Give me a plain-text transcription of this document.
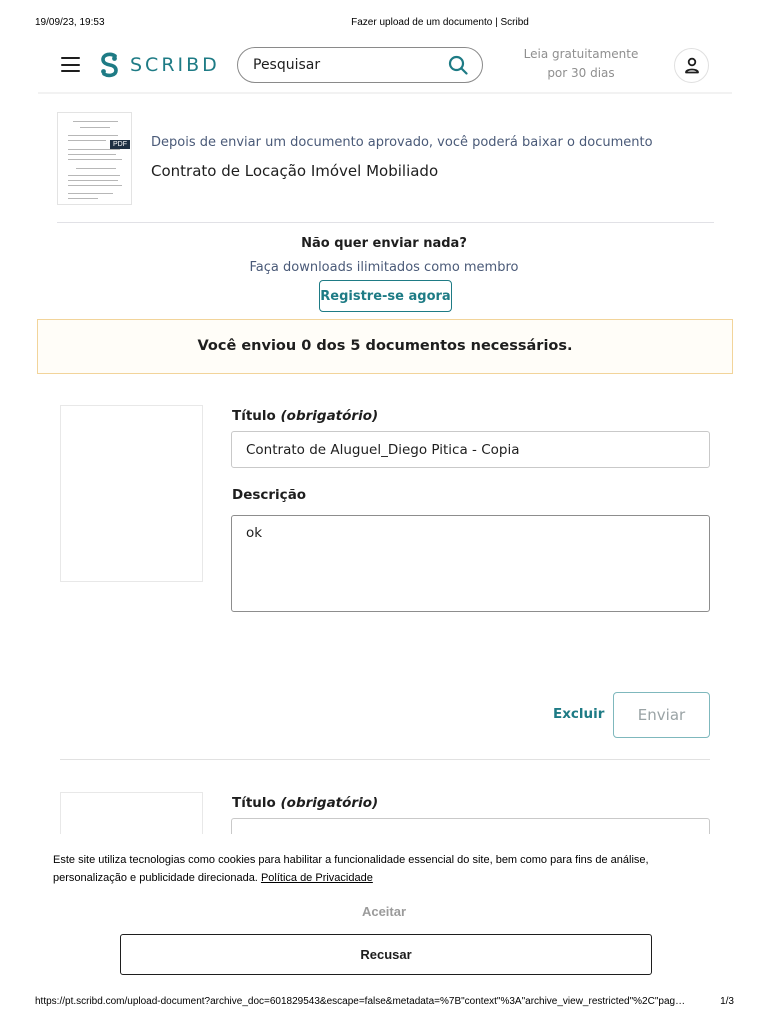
19/09/23, 19:53	Fazer upload de um documento | Scribd
SCRIBD
Pesquisar	Leia gratuitamente
por 30 dias
PDF Depois de enviar um documento aprovado, você poderá baixar o documento
Contrato de Locação Imóvel Mobiliado
Não quer enviar nada?
Faça downloads ilimitados como membro
Registre-se agora
Você enviou 0 dos 5 documentos necessários.
Título (obrigatório)
Contrato de Aluguel_Diego Pitica - Copia
Descrição
ok
Excluir	Enviar
Título (obrigatório)
docemail
Este site utiliza tecnologias como cookies para habilitar a funcionalidade essencial do site, bem como para fins de análise, personalização e publicidade direcionada. Política de Privacidade
Aceitar
Recusar
https://pt.scribd.com/upload-document?archive_doc=601829543&escape=false&metadata=%7B"context"%3A"archive_view_restricted"%2C"pag…	1/3
